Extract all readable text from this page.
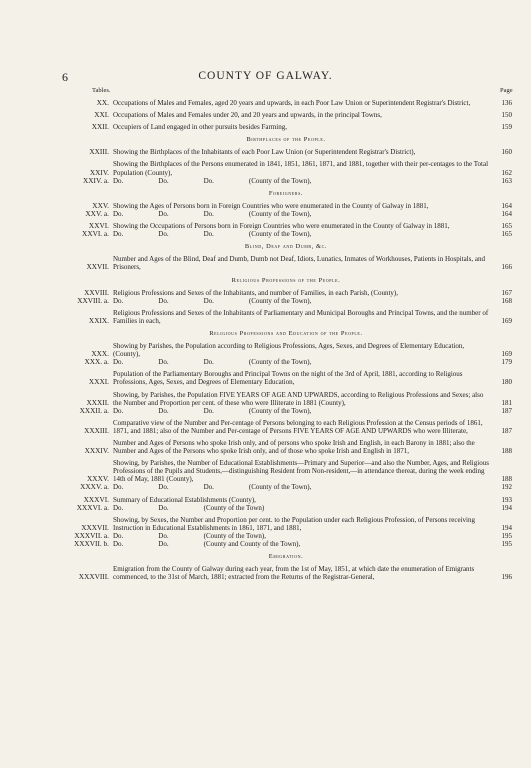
6	COUNTY OF GALWAY.
Tables.	Page
XX. Occupations of Males and Females, aged 20 years and upwards, in each Poor Law Union or Superintendent Registrar's District,	136
XXI. Occupations of Males and Females under 20, and 20 years and upwards, in the principal Towns,	150
XXII. Occupiers of Land engaged in other pursuits besides Farming,	159
Birthplaces of the People.
XXIII. Showing the Birthplaces of the Inhabitants of each Poor Law Union (or Superintendent Registrar's District),	160
XXIV.
Showing the Birthplaces of the Persons enumerated in 1841, 1851, 1861, 1871, and 1881, together with their per-centages to the Total Population (County),	162
XXIV. a. Do.                    Do.                    Do.                    (County of the Town),	163
Foreigners.
XXV. Showing the Ages of Persons born in Foreign Countries who were enumerated in the County of Galway in 1881,	164
XXV. a. Do.                    Do.                    Do.                    (County of the Town),	164
XXVI. Showing the Occupations of Persons born in Foreign Countries who were enumerated in the County of Galway in 1881,	165
XXVI. a. Do.                    Do.                    Do.                    (County of the Town),	165
Blind, Deaf and Dumb, &c.
XXVII.
Number and Ages of the Blind, Deaf and Dumb, Dumb not Deaf, Idiots, Lunatics, Inmates of Workhouses, Patients in Hospitals, and Prisoners,	166
Religious Professions of the People.
XXVIII. Religious Professions and Sexes of the Inhabitants, and number of Families, in each Parish, (County),	167
XXVIII. a. Do.                    Do.                    Do.                    (County of the Town),	168
XXIX.
Religious Professions and Sexes of the Inhabitants of Parliamentary and Municipal Boroughs and Principal Towns, and the number of Families in each,	169
Religious Professions and Education of the People.
XXX.
Showing by Parishes, the Population according to Religious Professions, Ages, Sexes, and Degrees of Elementary Education, (County),	169
XXX. a. Do.                    Do.                    Do.                    (County of the Town),	179
XXXI.
Population of the Parliamentary Boroughs and Principal Towns on the night of the 3rd of April, 1881, according to Religious Professions, Ages, Sexes, and Degrees of Elementary Education,	180
XXXII.
Showing, by Parishes, the Population FIVE YEARS OF AGE AND UPWARDS, according to Religious Professions and Sexes; also the Number and Proportion per cent. of these who were Illiterate in 1881 (County),	181
XXXII. a. Do.                    Do.                    Do.                    (County of the Town),	187
XXXIII.
Comparative view of the Number and Per-centage of Persons belonging to each Religious Profession at the Census periods of 1861, 1871, and 1881; also of the Number and Per-centage of Persons FIVE YEARS OF AGE AND UPWARDS who were Illiterate,	187
XXXIV.
Number and Ages of Persons who spoke Irish only, and of persons who spoke Irish and English, in each Barony in 1881; also the Number and Ages of the Persons who spoke Irish only, and of those who spoke Irish and English in 1871,	188
XXXV.
Showing, by Parishes, the Number of Educational Establishments—Primary and Superior—and also the Number, Ages, and Religious Professions of the Pupils and Students,—distinguishing Resident from Non-resident,—in attendance thereat, during the week ending 14th of May, 1881 (County),	188
XXXV. a. Do.                    Do.                    Do.                    (County of the Town),	192
XXXVI. Summary of Educational Establishments (County),	193
XXXVI. a. Do.                    Do.                    (County of the Town)	194
XXXVII.
Showing, by Sexes, the Number and Proportion per cent. to the Population under each Religious Profession, of Persons receiving Instruction in Educational Establishments in 1861, 1871, and 1881,	194
XXXVII. a. Do.                    Do.                    (County of the Town),	195
XXXVII. b. Do.                    Do.                    (County and County of the Town),	195
Emigration.
XXXVIII.
Emigration from the County of Galway during each year, from the 1st of May, 1851, at which date the enumeration of Emigrants commenced, to the 31st of March, 1881; extracted from the Returns of the Registrar-General,	196
